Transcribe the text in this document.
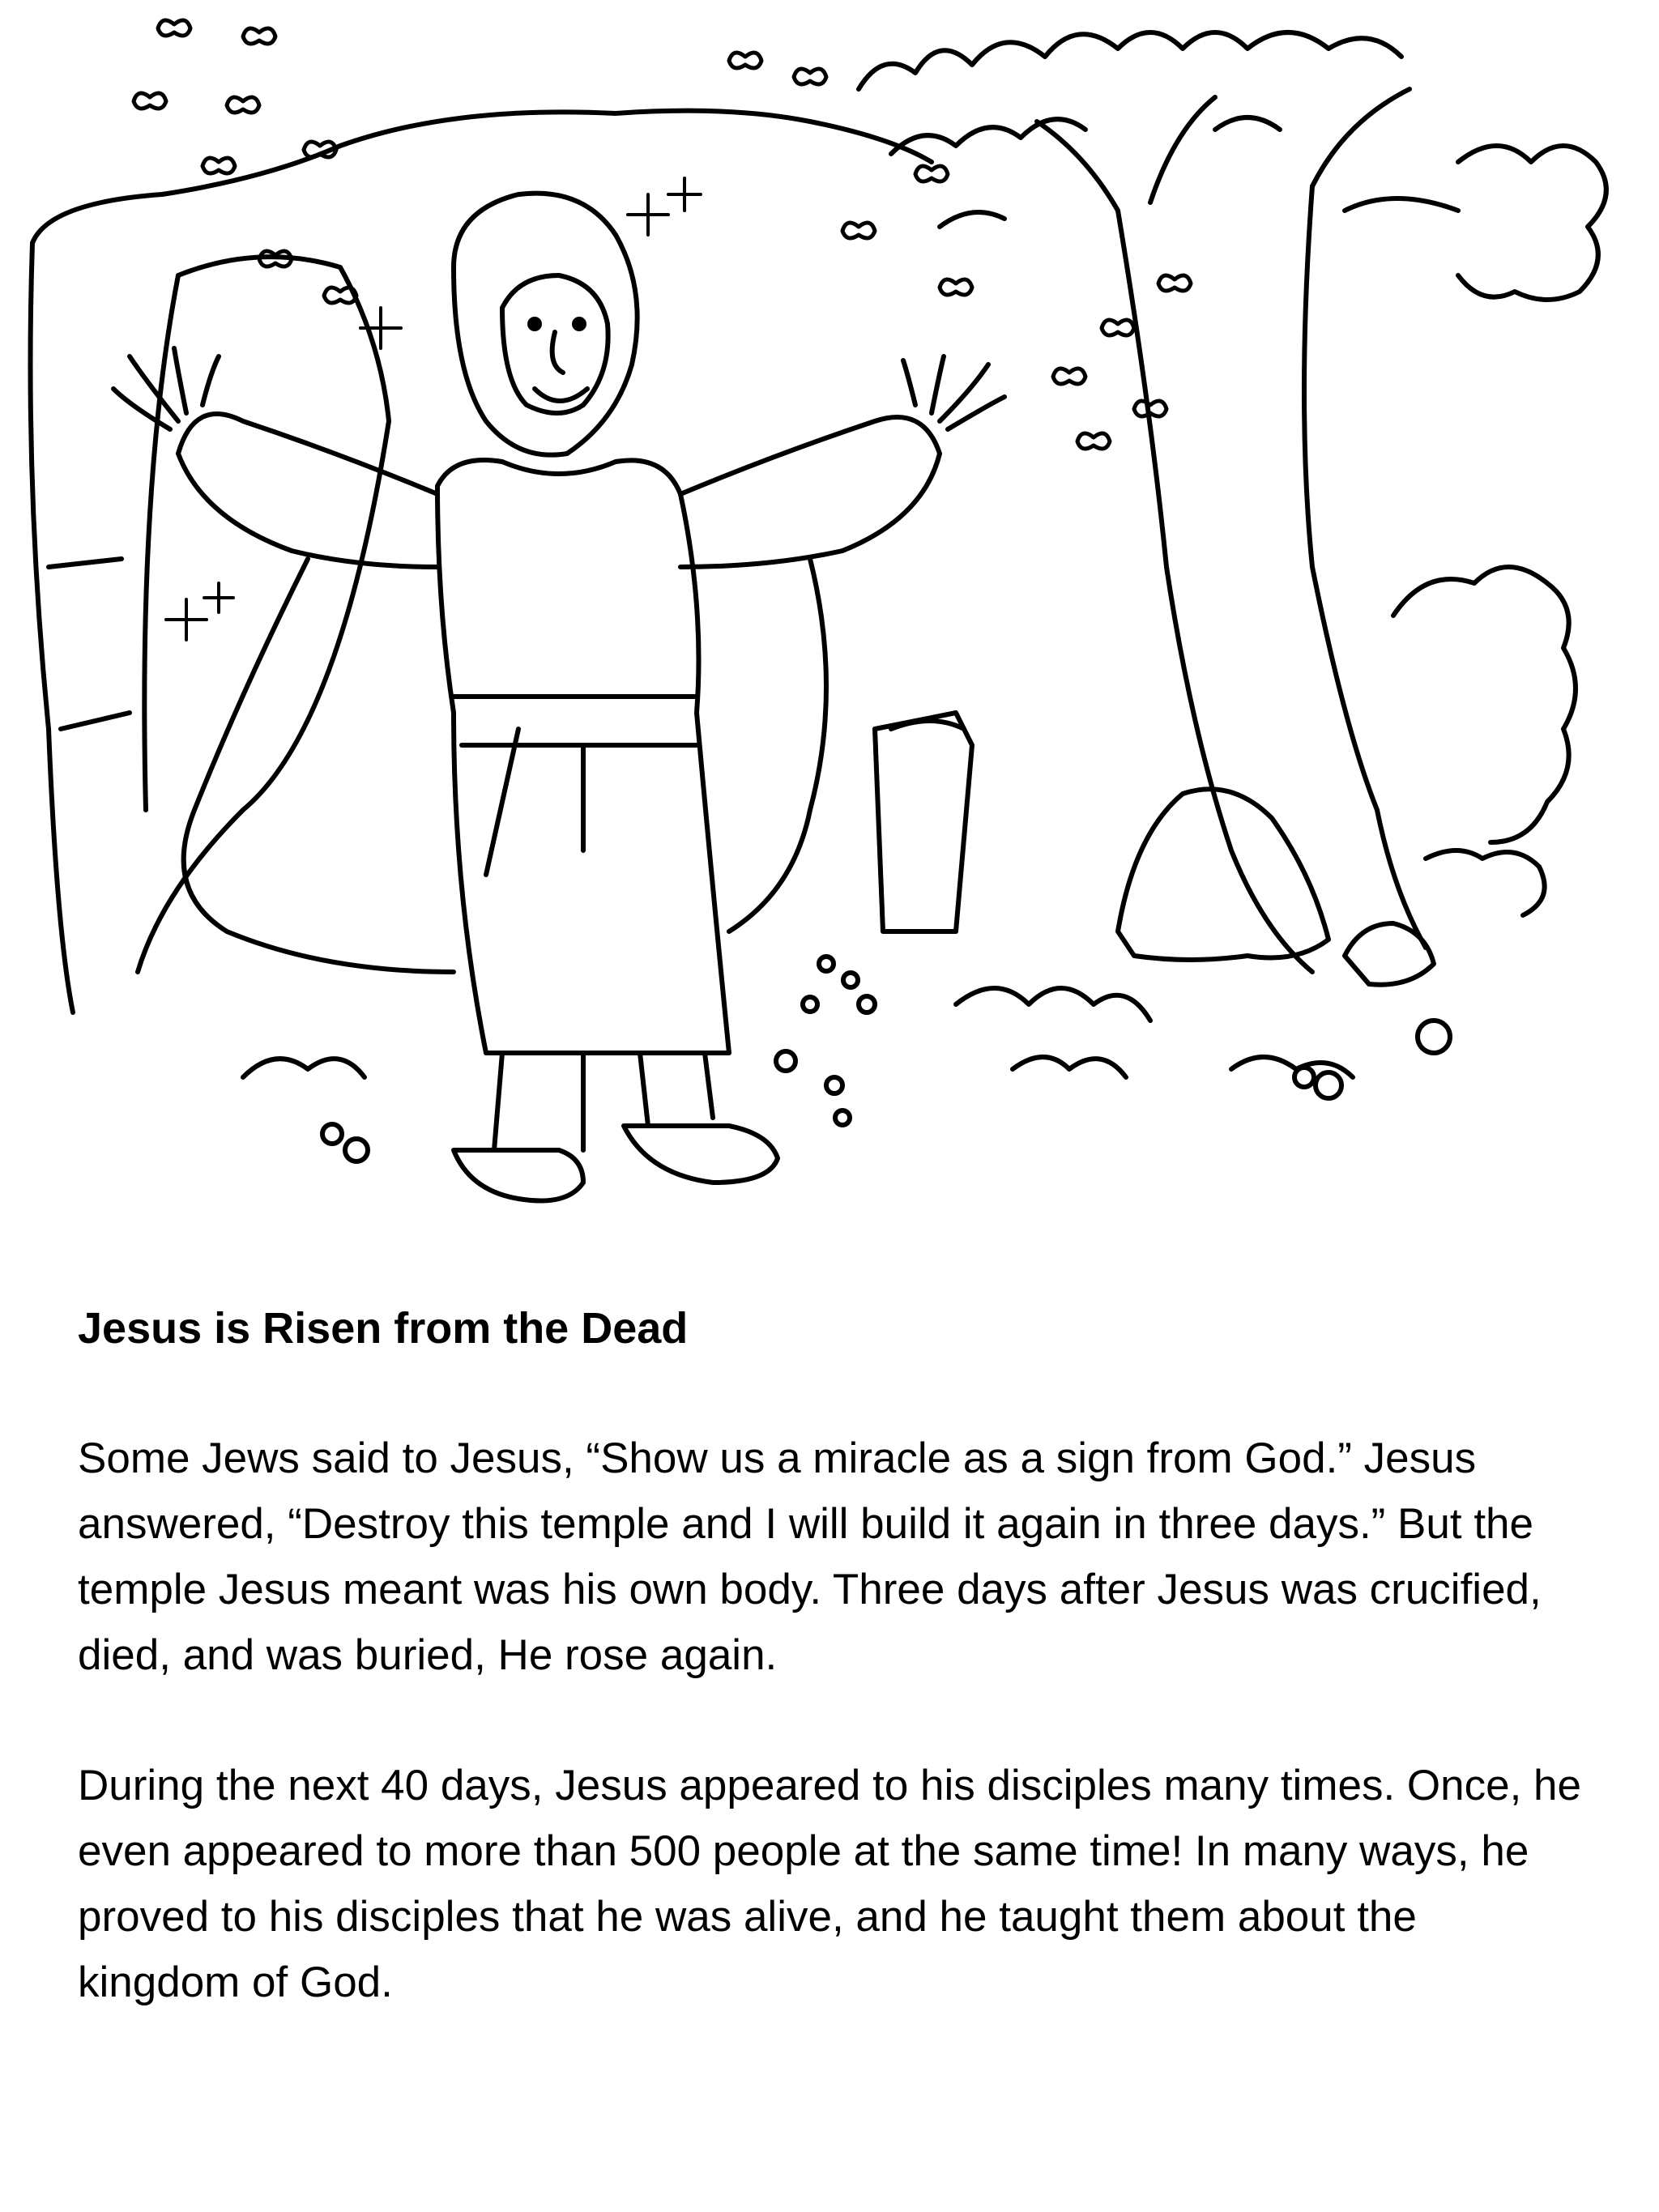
Jesus is Risen from the Dead

Some Jews said to Jesus, “Show us a miracle as a sign from God.” Jesus answered, “Destroy this temple and I will build it again in three days.” But the temple Jesus meant was his own body. Three days after Jesus was crucified, died, and was buried, He rose again.

During the next 40 days, Jesus appeared to his disciples many times. Once, he even appeared to more than 500 people at the same time! In many ways, he proved to his disciples that he was alive, and he taught them about the kingdom of God.
